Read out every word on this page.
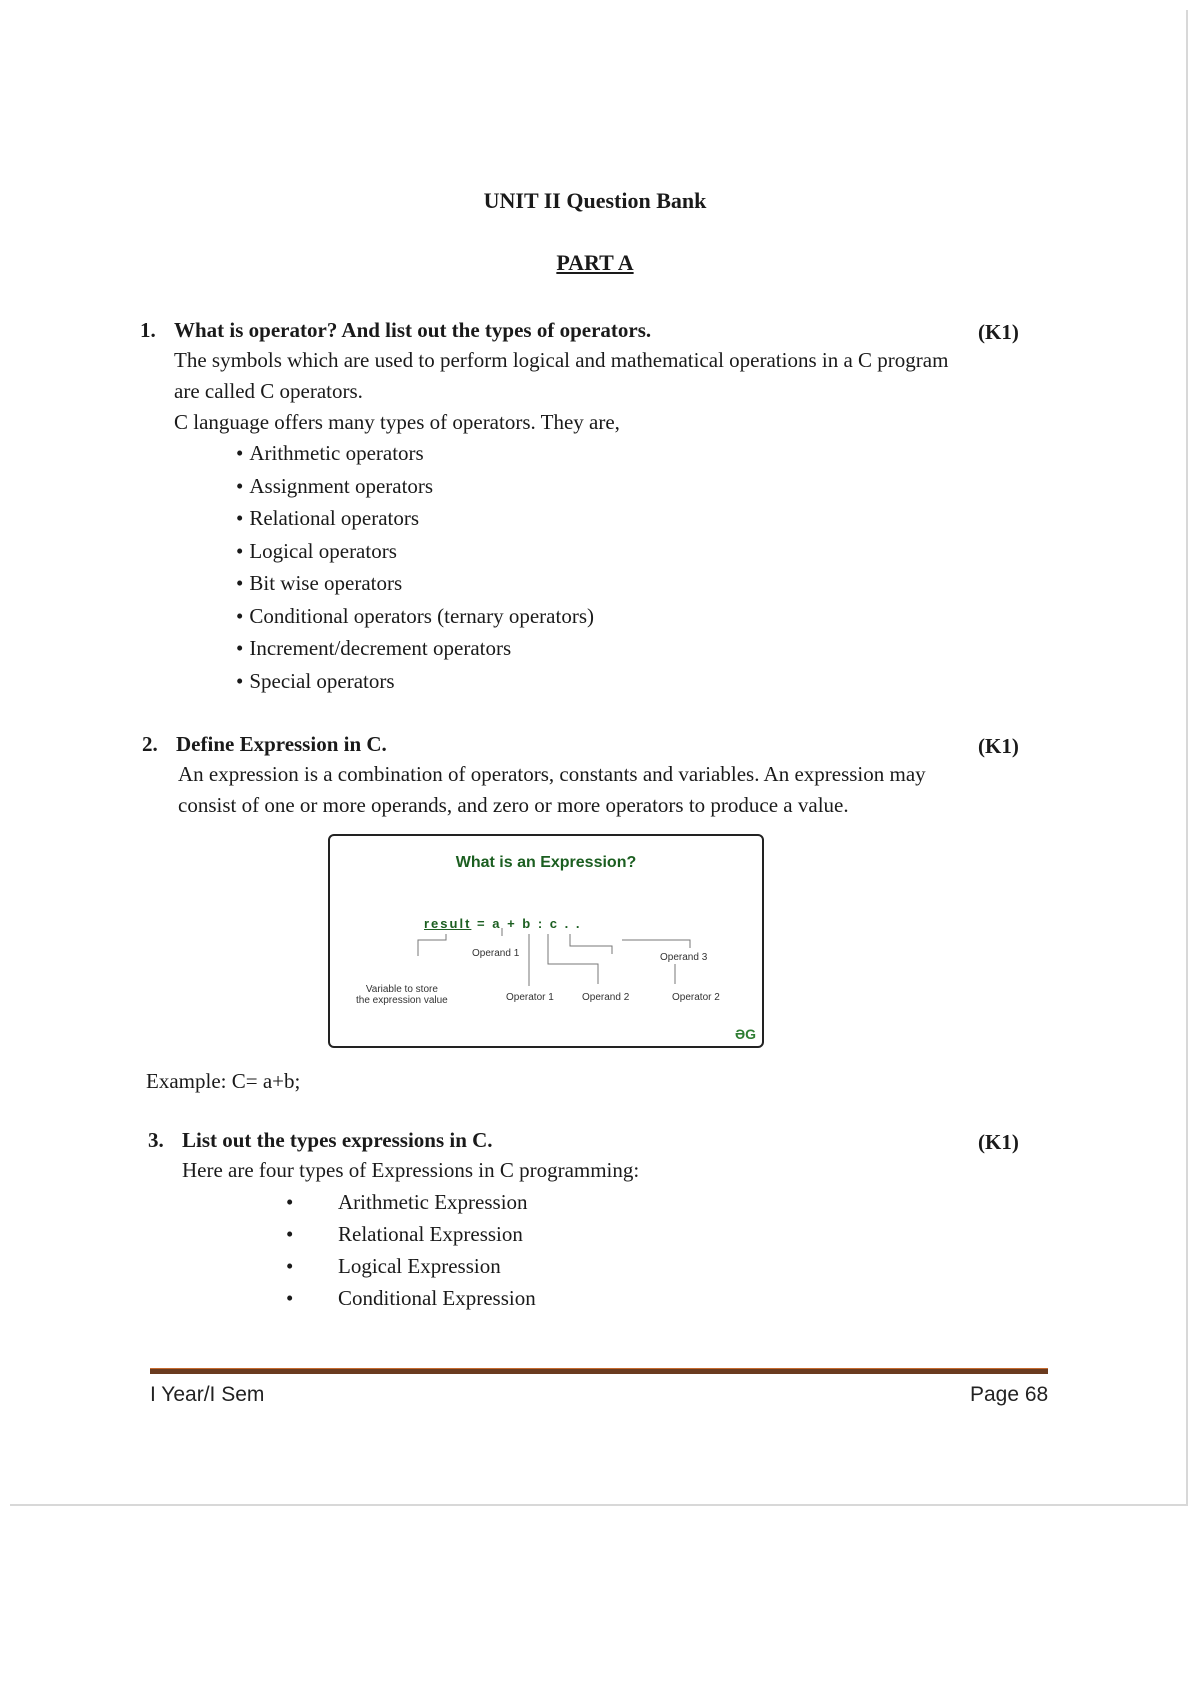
UNIT II Question Bank
PART A
1. What is operator? And list out the types of operators.	(K1)
The symbols which are used to perform logical and mathematical operations in a C program
are called C operators.
C language offers many types of operators. They are,
• Arithmetic operators
• Assignment operators
• Relational operators
• Logical operators
• Bit wise operators
• Conditional operators (ternary operators)
• Increment/decrement operators
• Special operators
2. Define Expression in C.	(K1)
An expression is a combination of operators, constants and variables. An expression may
consist of one or more operands, and zero or more operators to produce a value.
What is an Expression?
result = a + b : c . .
Operand 1	Operand 3
Variable to store
the expression value	Operator 1	Operand 2	Operator 2
ƏG
Example: C= a+b;
3. List out the types expressions in C.	(K1)
Here are four types of Expressions in C programming:
• Arithmetic Expression
• Relational Expression
• Logical Expression
• Conditional Expression
I Year/I Sem	Page 68
